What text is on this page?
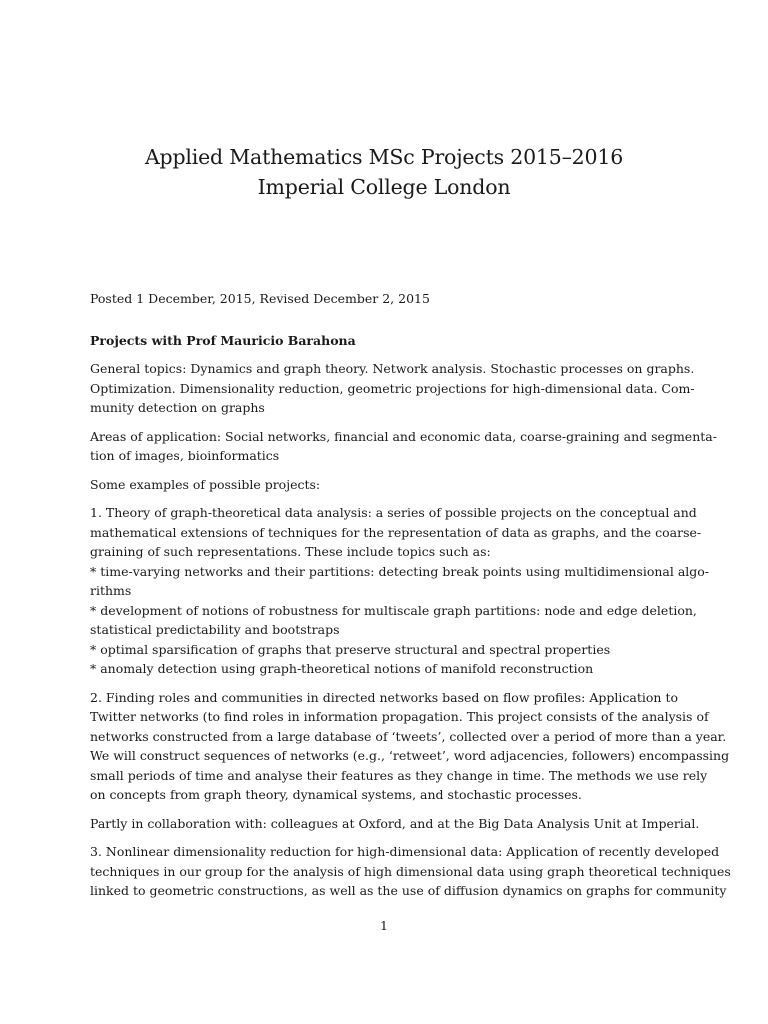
Applied Mathematics MSc Projects 2015–2016
Imperial College London
Posted 1 December, 2015, Revised December 2, 2015
Projects with Prof Mauricio Barahona
General topics: Dynamics and graph theory. Network analysis. Stochastic processes on graphs.
Optimization. Dimensionality reduction, geometric projections for high-dimensional data. Com-
munity detection on graphs
Areas of application: Social networks, financial and economic data, coarse-graining and segmenta-
tion of images, bioinformatics
Some examples of possible projects:
1. Theory of graph-theoretical data analysis: a series of possible projects on the conceptual and
mathematical extensions of techniques for the representation of data as graphs, and the coarse-
graining of such representations. These include topics such as:
* time-varying networks and their partitions: detecting break points using multidimensional algo-
rithms
* development of notions of robustness for multiscale graph partitions: node and edge deletion,
statistical predictability and bootstraps
* optimal sparsification of graphs that preserve structural and spectral properties
* anomaly detection using graph-theoretical notions of manifold reconstruction
2. Finding roles and communities in directed networks based on flow profiles: Application to
Twitter networks (to find roles in information propagation. This project consists of the analysis of
networks constructed from a large database of ‘tweets’, collected over a period of more than a year.
We will construct sequences of networks (e.g., ‘retweet’, word adjacencies, followers) encompassing
small periods of time and analyse their features as they change in time. The methods we use rely
on concepts from graph theory, dynamical systems, and stochastic processes.
Partly in collaboration with: colleagues at Oxford, and at the Big Data Analysis Unit at Imperial.
3. Nonlinear dimensionality reduction for high-dimensional data: Application of recently developed
techniques in our group for the analysis of high dimensional data using graph theoretical techniques
linked to geometric constructions, as well as the use of diffusion dynamics on graphs for community
1
